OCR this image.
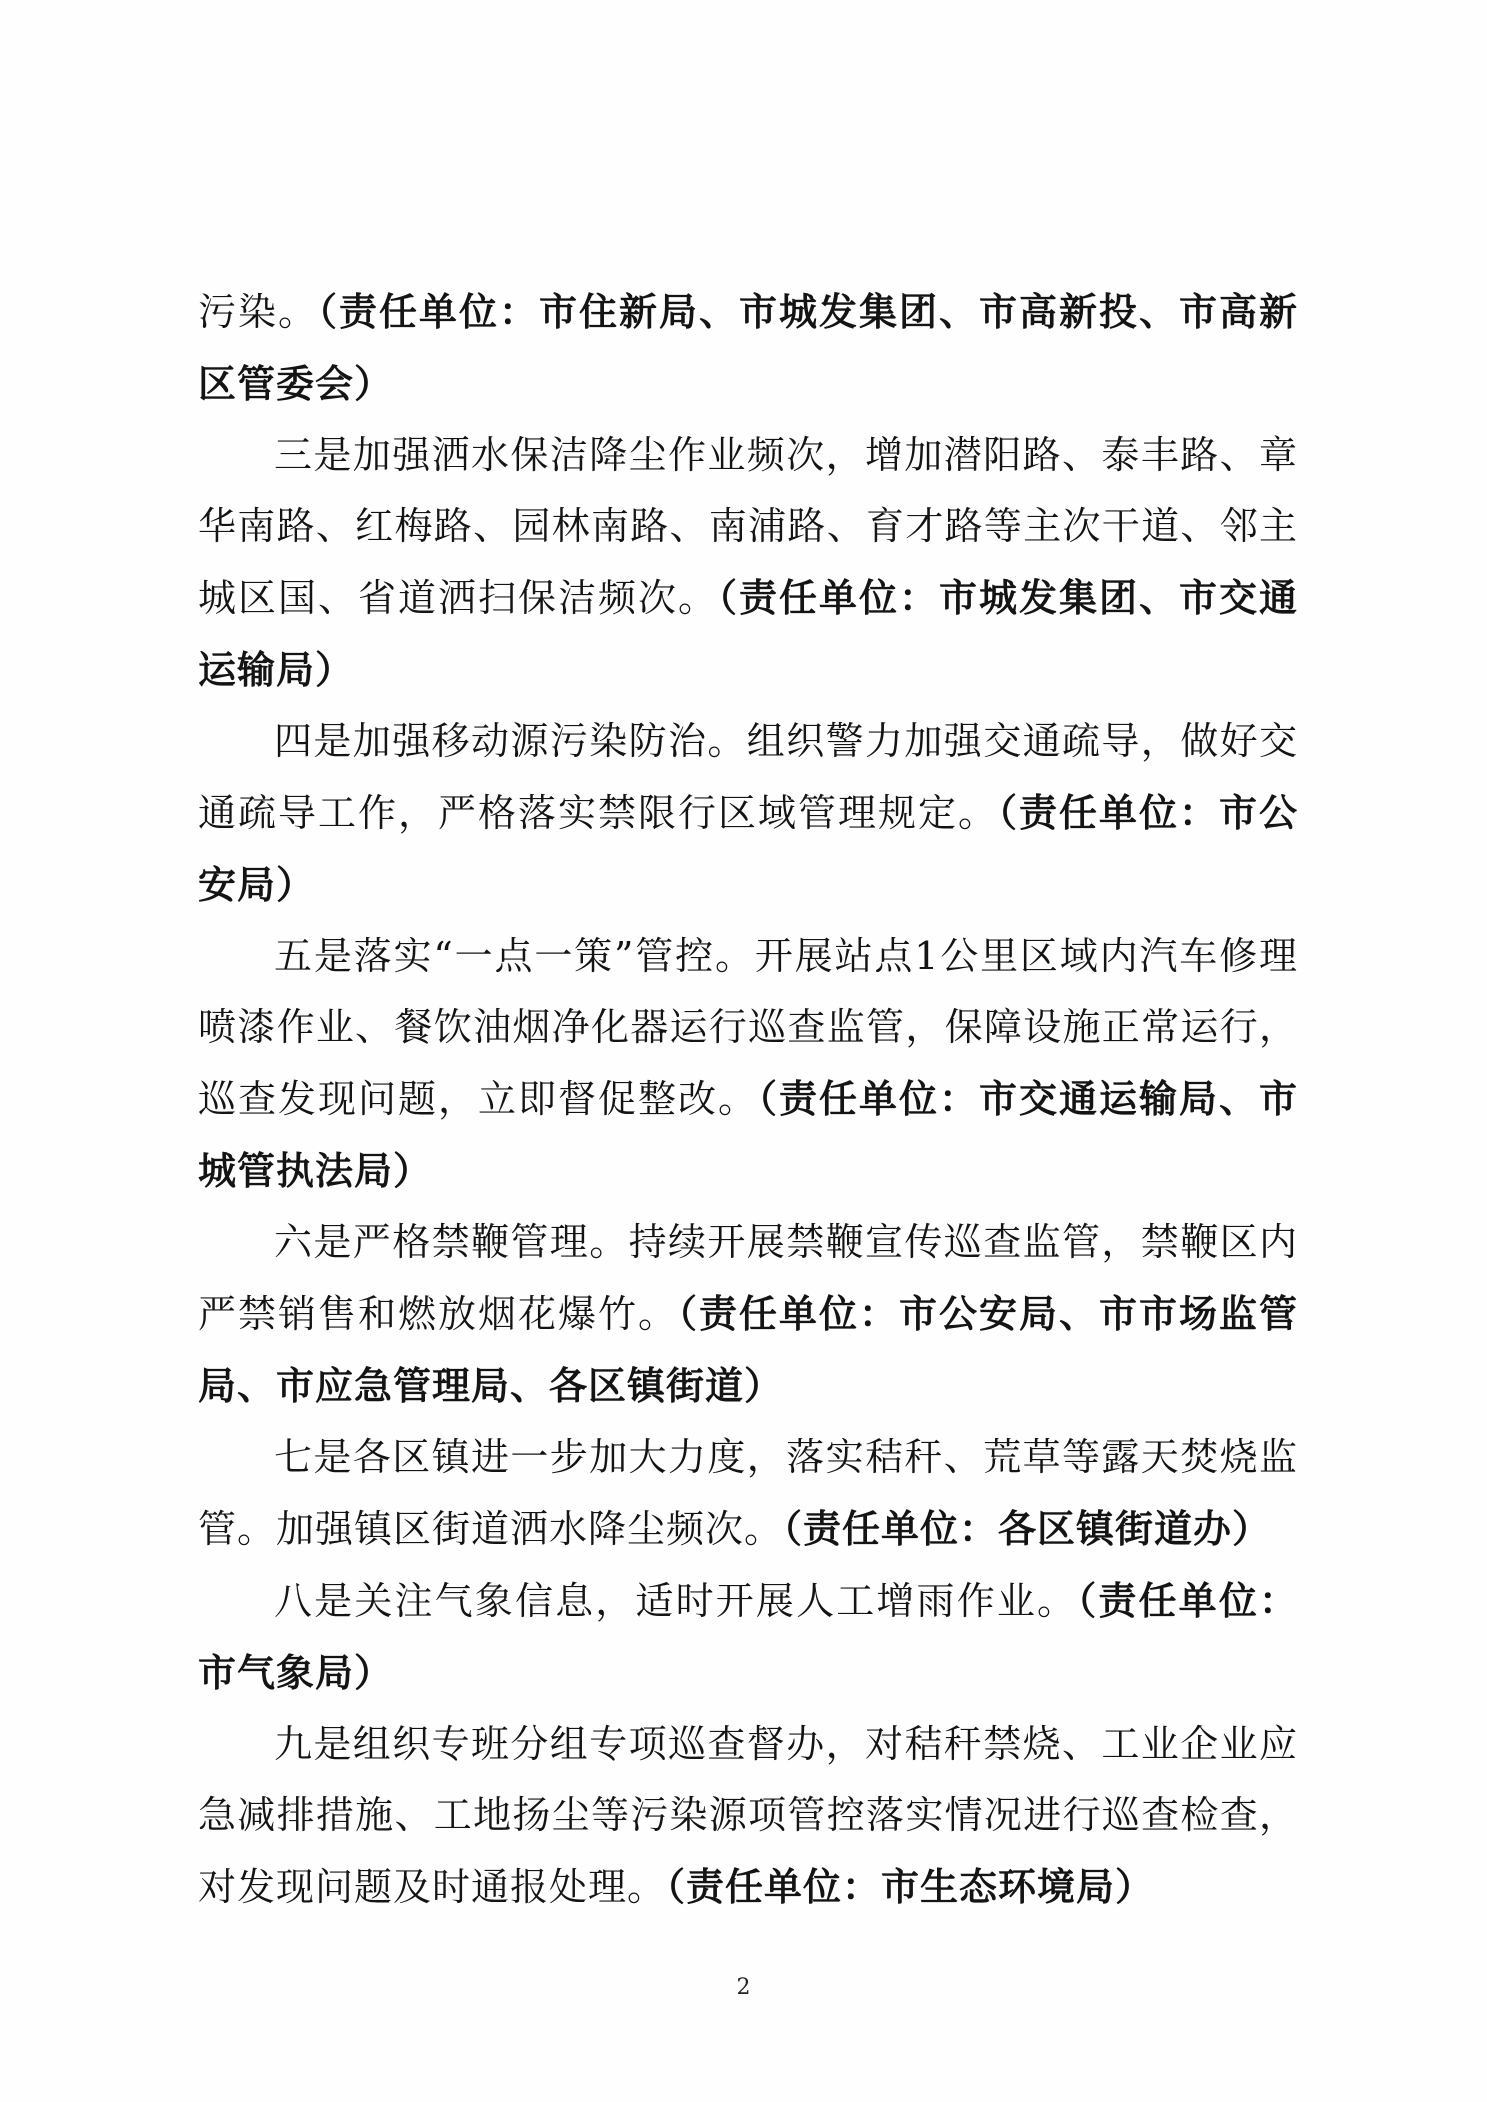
污染。（责任单位：市住新局、市城发集团、市高新投、市高新区管委会）

三是加强洒水保洁降尘作业频次，增加潜阳路、泰丰路、章华南路、红梅路、园林南路、南浦路、育才路等主次干道、邻主城区国、省道洒扫保洁频次。（责任单位：市城发集团、市交通运输局）

四是加强移动源污染防治。组织警力加强交通疏导，做好交通疏导工作，严格落实禁限行区域管理规定。（责任单位：市公安局）

五是落实“一点一策”管控。开展站点1公里区域内汽车修理喷漆作业、餐饮油烟净化器运行巡查监管，保障设施正常运行，巡查发现问题，立即督促整改。（责任单位：市交通运输局、市城管执法局）

六是严格禁鞭管理。持续开展禁鞭宣传巡查监管，禁鞭区内严禁销售和燃放烟花爆竹。（责任单位：市公安局、市市场监管局、市应急管理局、各区镇街道）

七是各区镇进一步加大力度，落实秸秆、荒草等露天焚烧监管。加强镇区街道洒水降尘频次。（责任单位：各区镇街道办）

八是关注气象信息，适时开展人工增雨作业。（责任单位：市气象局）

九是组织专班分组专项巡查督办，对秸秆禁烧、工业企业应急减排措施、工地扬尘等污染源项管控落实情况进行巡查检查，对发现问题及时通报处理。（责任单位：市生态环境局）

2
